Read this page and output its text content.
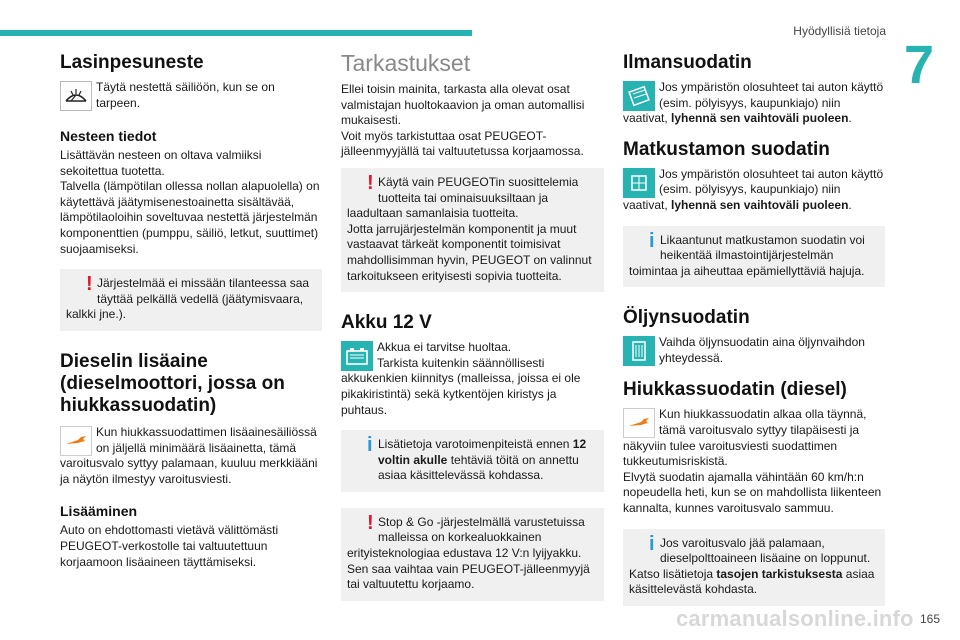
Hyödyllisiä tietoja
7
Lasinpesuneste
Täytä nestettä säiliöön, kun se on
tarpeen.
Nesteen tiedot

Lisättävän nesteen on oltava valmiiksi sekoitettua tuotetta.
Talvella (lämpötilan ollessa nollan alapuolella) on käytettävä jäätymisenestoainetta sisältävää, lämpötilaoloihin soveltuvaa nestettä järjestelmän komponenttien (pumppu, säiliö, letkut, suuttimet) suojaamiseksi.

! Järjestelmää ei missään tilanteessa saa täyttää pelkällä vedellä (jäätymisvaara,
kalkki jne.).
Dieselin lisäaine (dieselmoottori, jossa on hiukkassuodatin)
Kun hiukkassuodattimen lisäainesäiliössä on jäljellä minimäärä lisäainetta, tämä
varoitusvalo syttyy palamaan, kuuluu merkkiääni ja näytön ilmestyy varoitusviesti.
Lisääminen

Auto on ehdottomasti vietävä välittömästi PEUGEOT-verkostolle tai valtuutettuun korjaamoon lisäaineen täyttämiseksi.

Tarkastukset

Ellei toisin mainita, tarkasta alla olevat osat valmistajan huoltokaavion ja oman automallisi mukaisesti.
Voit myös tarkistuttaa osat PEUGEOT-jälleenmyyjällä tai valtuutetussa korjaamossa.

! Käytä vain PEUGEOTin suosittelemia tuotteita tai ominaisuuksiltaan ja
laadultaan samanlaisia tuotteita.
Jotta jarrujärjestelmän komponentit ja muut vastaavat tärkeät komponentit toimisivat mahdollisimman hyvin, PEUGEOT on valinnut tarkoitukseen erityisesti sopivia tuotteita.
Akku 12 V
Akkua ei tarvitse huoltaa.
Tarkista kuitenkin säännöllisesti
akkukenkien kiinnitys (malleissa, joissa ei ole pikakiristintä) sekä kytkentöjen kiristys ja puhtaus.
i Lisätietoja varotoimenpiteistä ennen 12 voltin akulle tehtäviä töitä on annettu asiaa käsittelevässä kohdassa.
! Stop & Go -järjestelmällä varustetuissa malleissa on korkealuokkainen
erityisteknologiaa edustava 12 V:n lyijyakku.
Sen saa vaihtaa vain PEUGEOT-jälleenmyyjä tai valtuutettu korjaamo.
Ilmansuodatin
Jos ympäristön olosuhteet tai auton käyttö (esim. pölyisyys, kaupunkiajo) niin
vaativat, lyhennä sen vaihtoväli puoleen.
Matkustamon suodatin
Jos ympäristön olosuhteet tai auton käyttö (esim. pölyisyys, kaupunkiajo) niin
vaativat, lyhennä sen vaihtoväli puoleen.
i Likaantunut matkustamon suodatin voi heikentää ilmastointijärjestelmän
toimintaa ja aiheuttaa epämiellyttäviä hajuja.
Öljynsuodatin
Vaihda öljynsuodatin aina öljynvaihdon yhteydessä.
Hiukkassuodatin (diesel)
Kun hiukkassuodatin alkaa olla täynnä, tämä varoitusvalo syttyy tilapäisesti ja
näkyviin tulee varoitusviesti suodattimen tukkeutumisriskistä.
Elvytä suodatin ajamalla vähintään 60 km/h:n nopeudella heti, kun se on mahdollista liikenteen kannalta, kunnes varoitusvalo sammuu.
i Jos varoitusvalo jää palamaan, dieselpolttoaineen lisäaine on loppunut.
Katso lisätietoja tasojen tarkistuksesta asiaa käsittelevästä kohdasta.
carmanualsonline.info 165
